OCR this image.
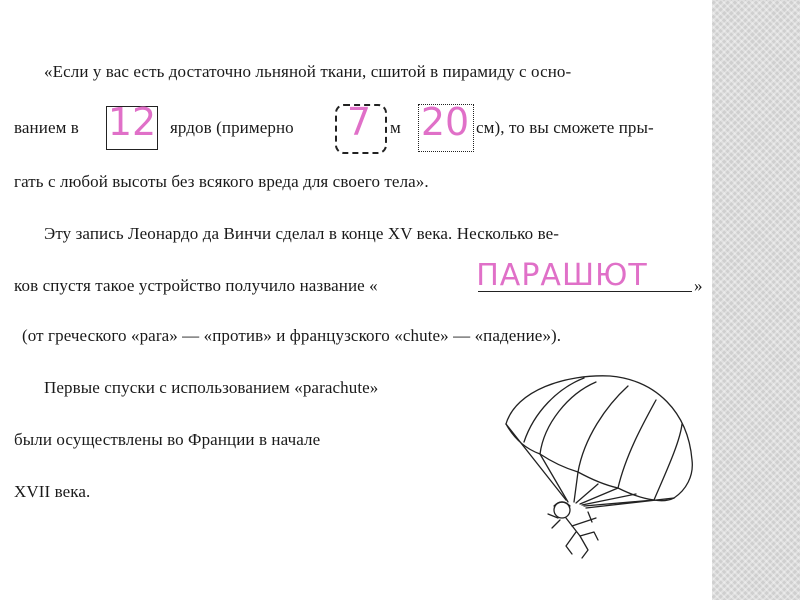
«Если у вас есть достаточно льняной ткани, сшитой в пирамиду с осно-
ванием в 12 ярдов (примерно	7	м 20 см), то вы сможете пры-
гать с любой высоты без всякого вреда для своего тела».
Эту запись Леонардо да Винчи сделал в конце XV века. Несколько ве-
ков спустя такое устройство получило название «	ПАРАШЮТ	»
(от греческого «para» — «против» и французского «chute» — «падение»).
Первые спуски с использованием «parachute»
были осуществлены во Франции в начале
XVII века.
